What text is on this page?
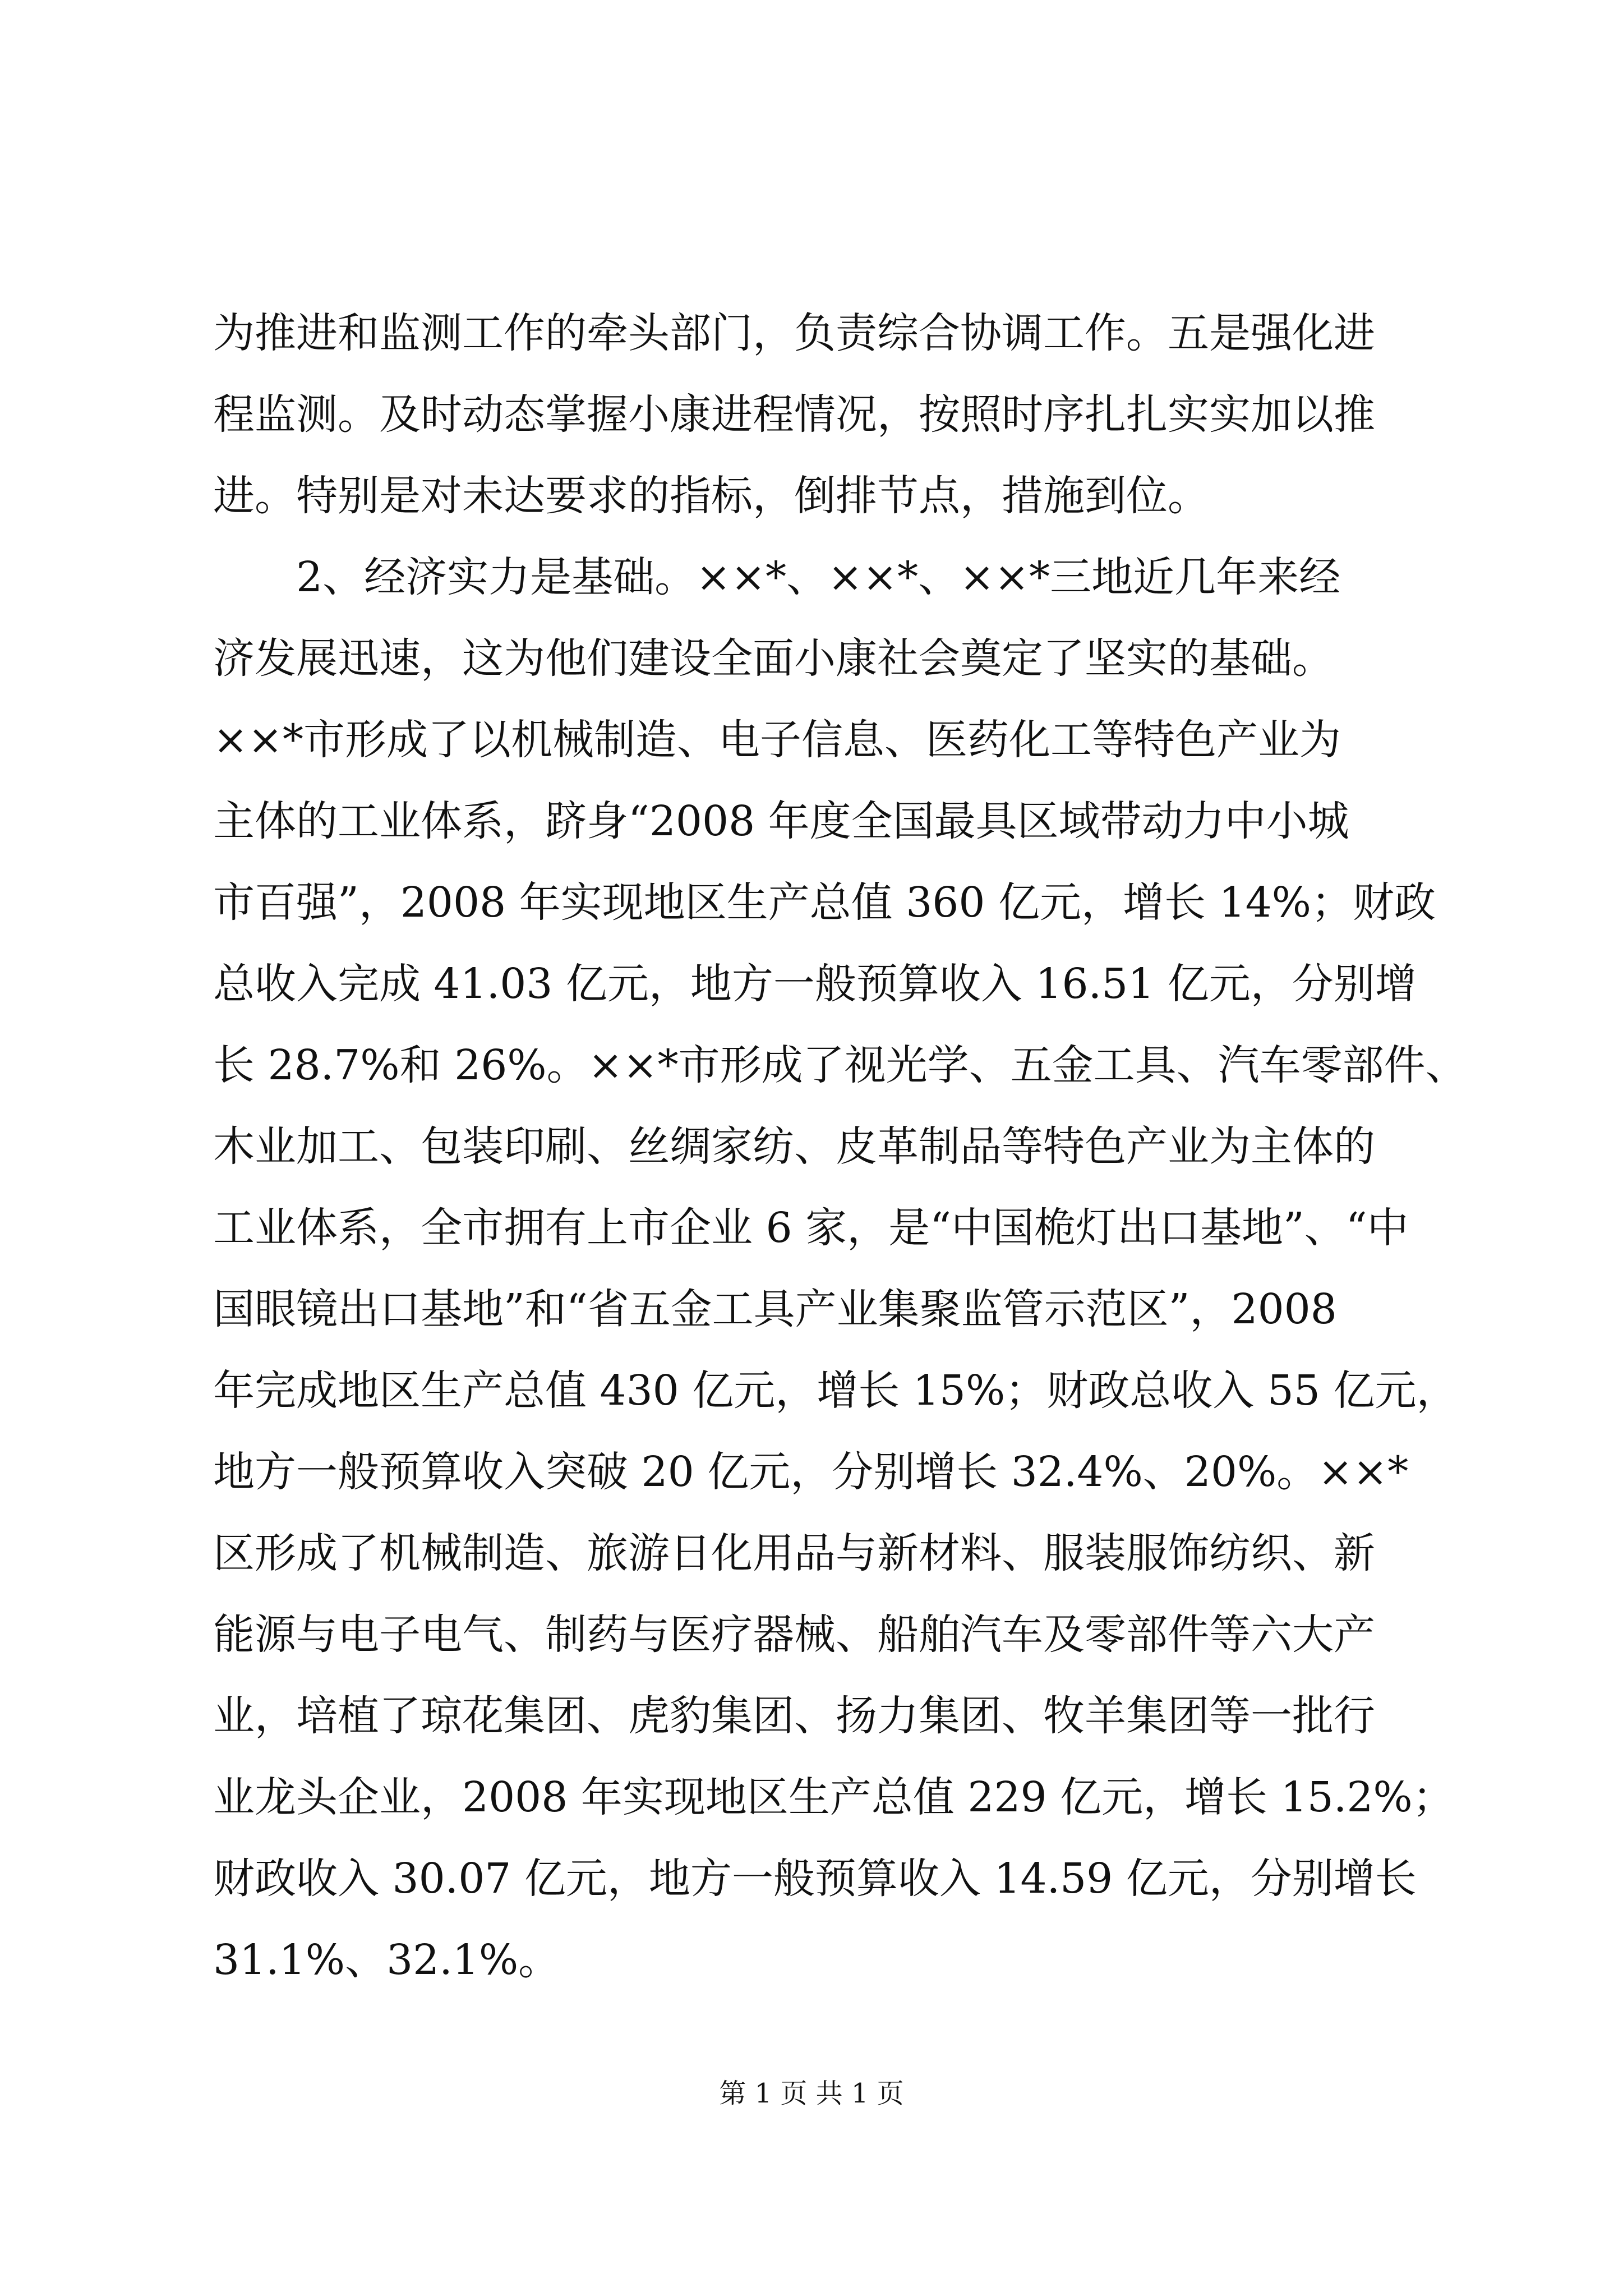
为推进和监测工作的牵头部门，负责综合协调工作。五是强化进
程监测。及时动态掌握小康进程情况，按照时序扎扎实实加以推
进。特别是对未达要求的指标，倒排节点，措施到位。
2、经济实力是基础。××*、××*、××*三地近几年来经
济发展迅速，这为他们建设全面小康社会奠定了坚实的基础。
××*市形成了以机械制造、电子信息、医药化工等特色产业为
主体的工业体系，跻身“2008 年度全国最具区域带动力中小城
市百强”，2008 年实现地区生产总值 360 亿元，增长 14%；财政
总收入完成 41.03 亿元，地方一般预算收入 16.51 亿元，分别增
长 28.7%和 26%。××*市形成了视光学、五金工具、汽车零部件、
木业加工、包装印刷、丝绸家纺、皮革制品等特色产业为主体的
工业体系，全市拥有上市企业 6 家，是“中国桅灯出口基地”、“中
国眼镜出口基地”和“省五金工具产业集聚监管示范区”，2008
年完成地区生产总值 430 亿元，增长 15%；财政总收入 55 亿元，
地方一般预算收入突破 20 亿元，分别增长 32.4%、20%。××*
区形成了机械制造、旅游日化用品与新材料、服装服饰纺织、新
能源与电子电气、制药与医疗器械、船舶汽车及零部件等六大产
业，培植了琼花集团、虎豹集团、扬力集团、牧羊集团等一批行
业龙头企业，2008 年实现地区生产总值 229 亿元，增长 15.2%；
财政收入 30.07 亿元，地方一般预算收入 14.59 亿元，分别增长
31.1%、32.1%。
第 1 页 共 1 页
